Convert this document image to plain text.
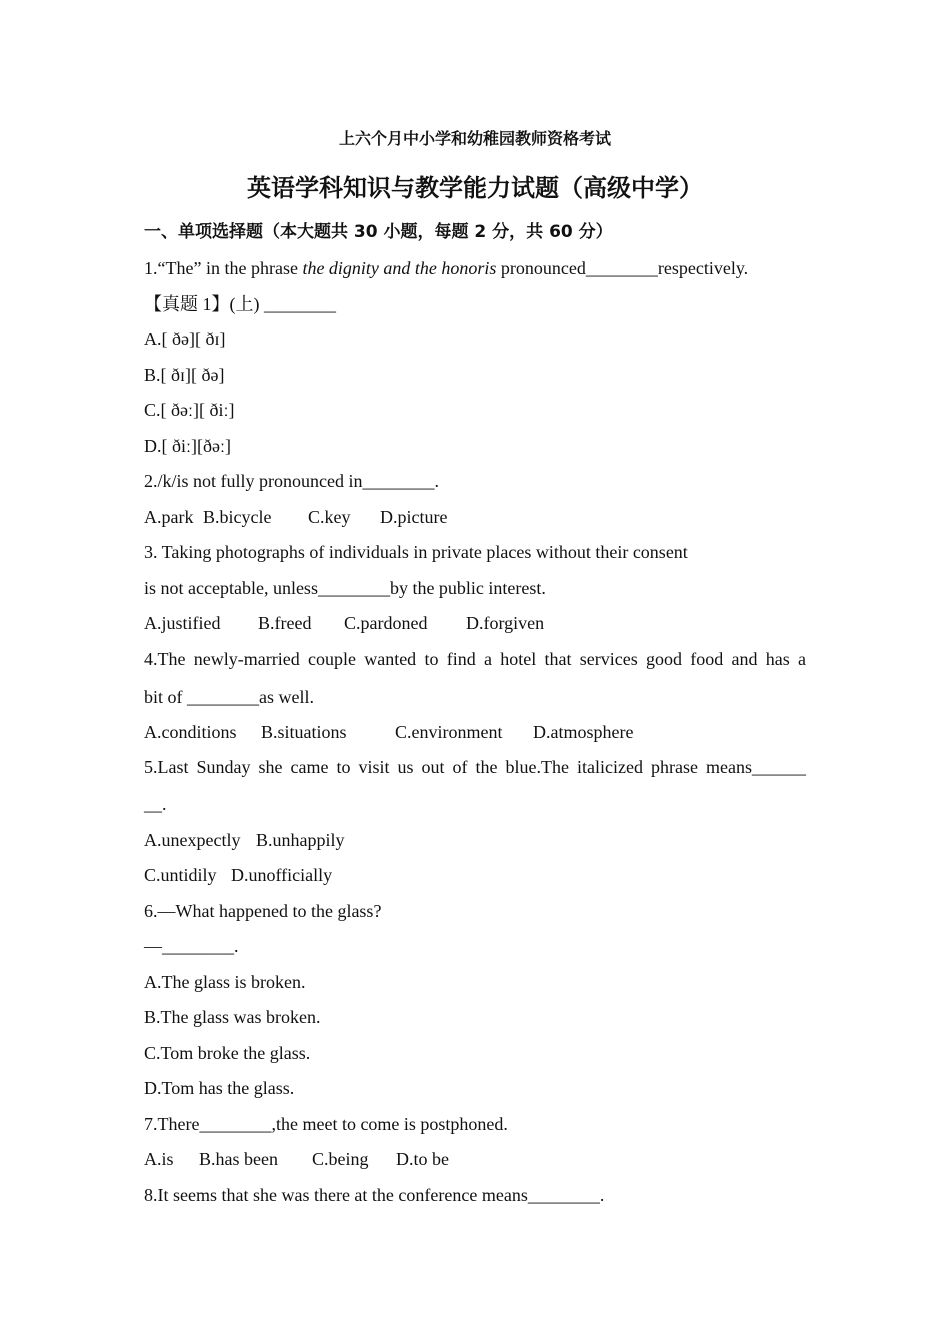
上六个月中小学和幼稚园教师资格考试
英语学科知识与教学能力试题（高级中学）
一、单项选择题（本大题共 30 小题，每题 2 分，共 60 分）
1.“The” in the phrase the dignity and the honoris pronounced________respectively.
【真题 1】(上) ________
A.[ ðə][ ðɪ]
B.[ ðɪ][ ðə]
C.[ ðəː][ ðiː]
D.[ ðiː][ðəː]
2./k/is not fully pronounced in________.
A.park B.bicycle C.key D.picture
3. Taking photographs of individuals in private places without their consent
is not acceptable, unless________by the public interest.
A.justified B.freed C.pardoned D.forgiven
4.The newly-married couple wanted to find a hotel that services good food and has a
bit of ________as well.
A.conditions B.situations	C.environment D.atmosphere
5.Last Sunday she came to visit us out of the blue.The italicized phrase means______
__.
A.unexpectly B.unhappily
C.untidily D.unofficially
6.—What happened to the glass?
—________.
A.The glass is broken.
B.The glass was broken.
C.Tom broke the glass.
D.Tom has the glass.
7.There________,the meet to come is postphoned.
A.is B.has been C.being D.to be
8.It seems that she was there at the conference means________.
